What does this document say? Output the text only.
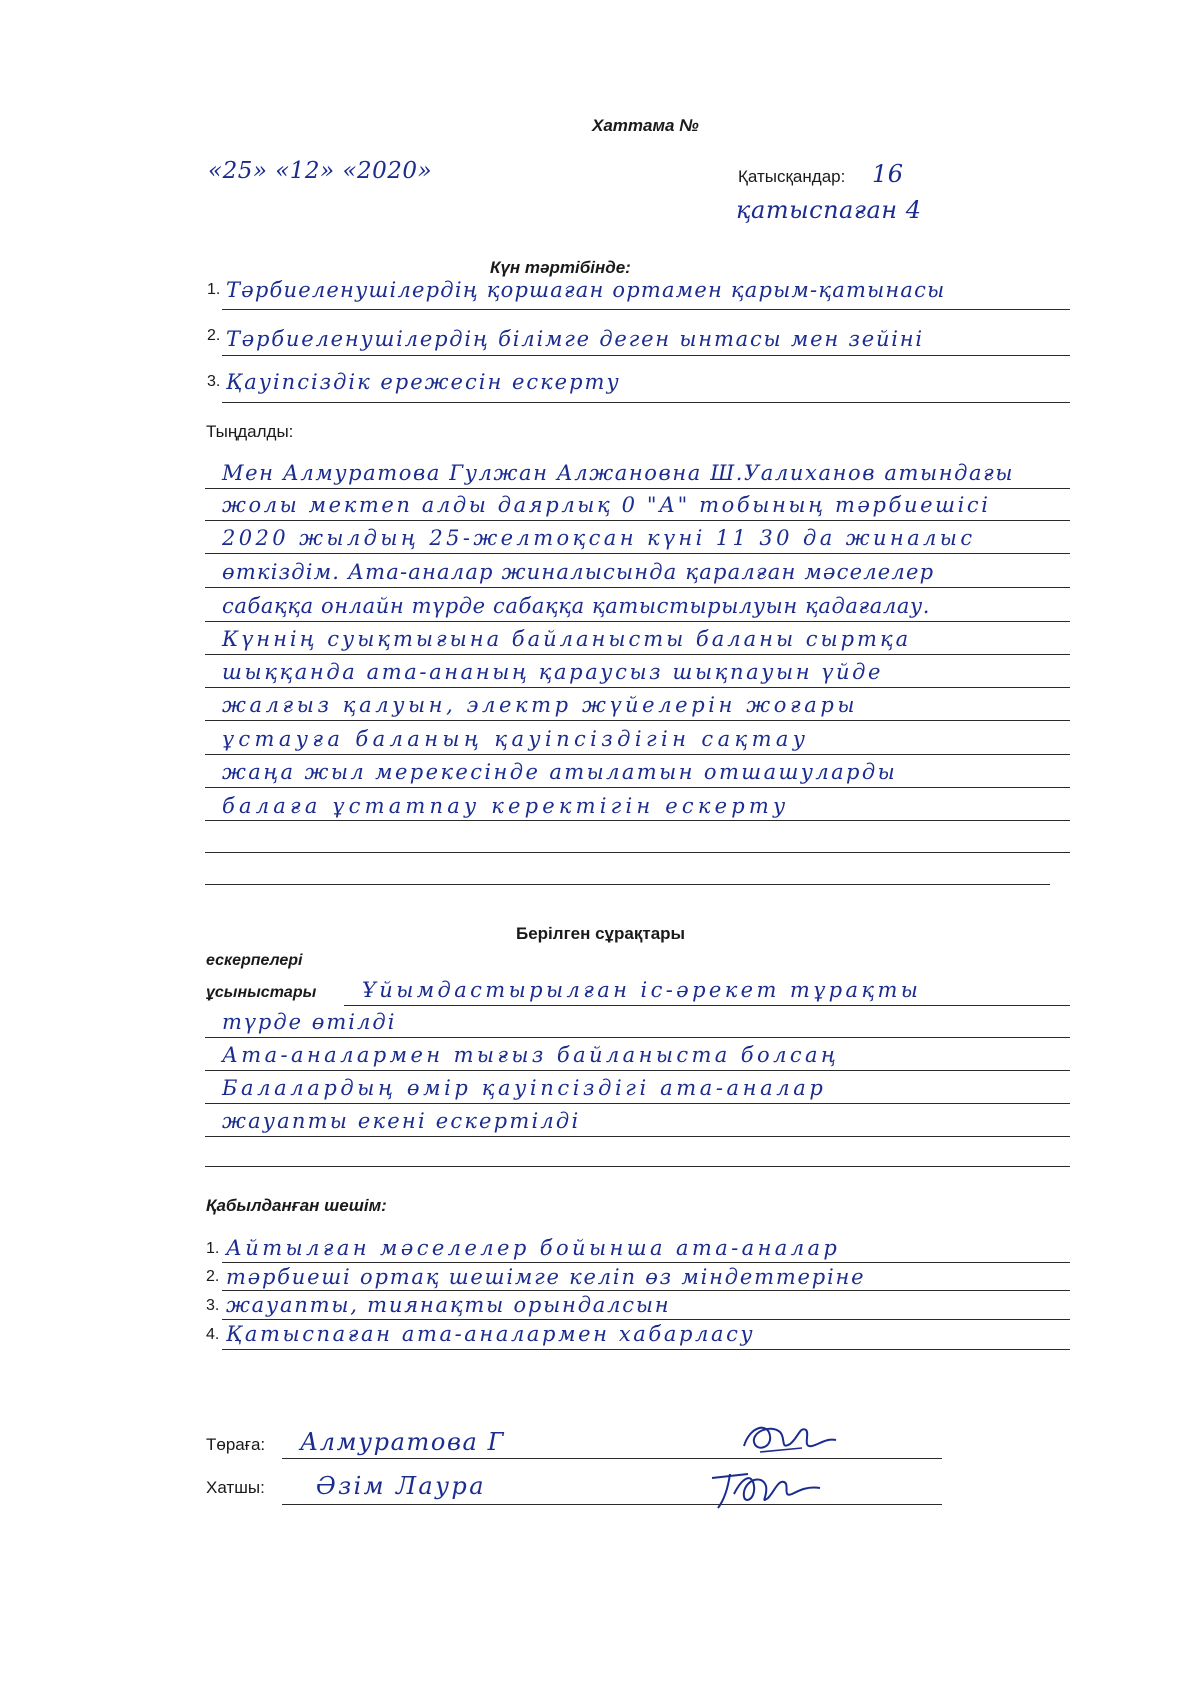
Хаттама №
«25» «12» «2020»	Қатысқандар: 16
қатыспаған 4
Күн тәртібінде:
1. Тәрбиеленушілердің қоршаған ортамен қарым-қатынасы
2. Тәрбиеленушілердің білімге деген ынтасы мен зейіні
3. Қауіпсіздік ережесін ескерту
Тыңдалды:
Мен Алмуратова Гулжан Алжановна Ш.Уалиханов атындағы
жолы мектеп алды даярлық 0 "А" тобының тәрбиешісі
2020 жылдың 25-желтоқсан күні 11 30 да жиналыс
өткіздім. Ата-аналар жиналысында қаралған мәселелер
сабаққа онлайн түрде сабаққа қатыстырылуын қадағалау.
Күннің суықтығына байланысты баланы сыртқа
шыққанда ата-ананың қараусыз шықпауын үйде
жалғыз қалуын, электр жүйелерін жоғары
ұстауға баланың қауіпсіздігін сақтау
жаңа жыл мерекесінде атылатын отшашуларды
балаға ұстатпау керектігін ескерту
Берілген сұрақтары
ескерпелері
ұсыныстары Ұйымдастырылған іс-әрекет тұрақты
түрде өтілді
Ата-аналармен тығыз байланыста болсаң
Балалардың өмір қауіпсіздігі ата-аналар
жауапты екені ескертілді
Қабылданған шешім:
1. Айтылған мәселелер бойынша ата-аналар
2. тәрбиеші ортақ шешімге келіп өз міндеттеріне
3. жауапты, тиянақты орындалсын
4. Қатыспаған ата-аналармен хабарласу
Төраға: Алмуратова Г
Хатшы: Әзім Лаура
